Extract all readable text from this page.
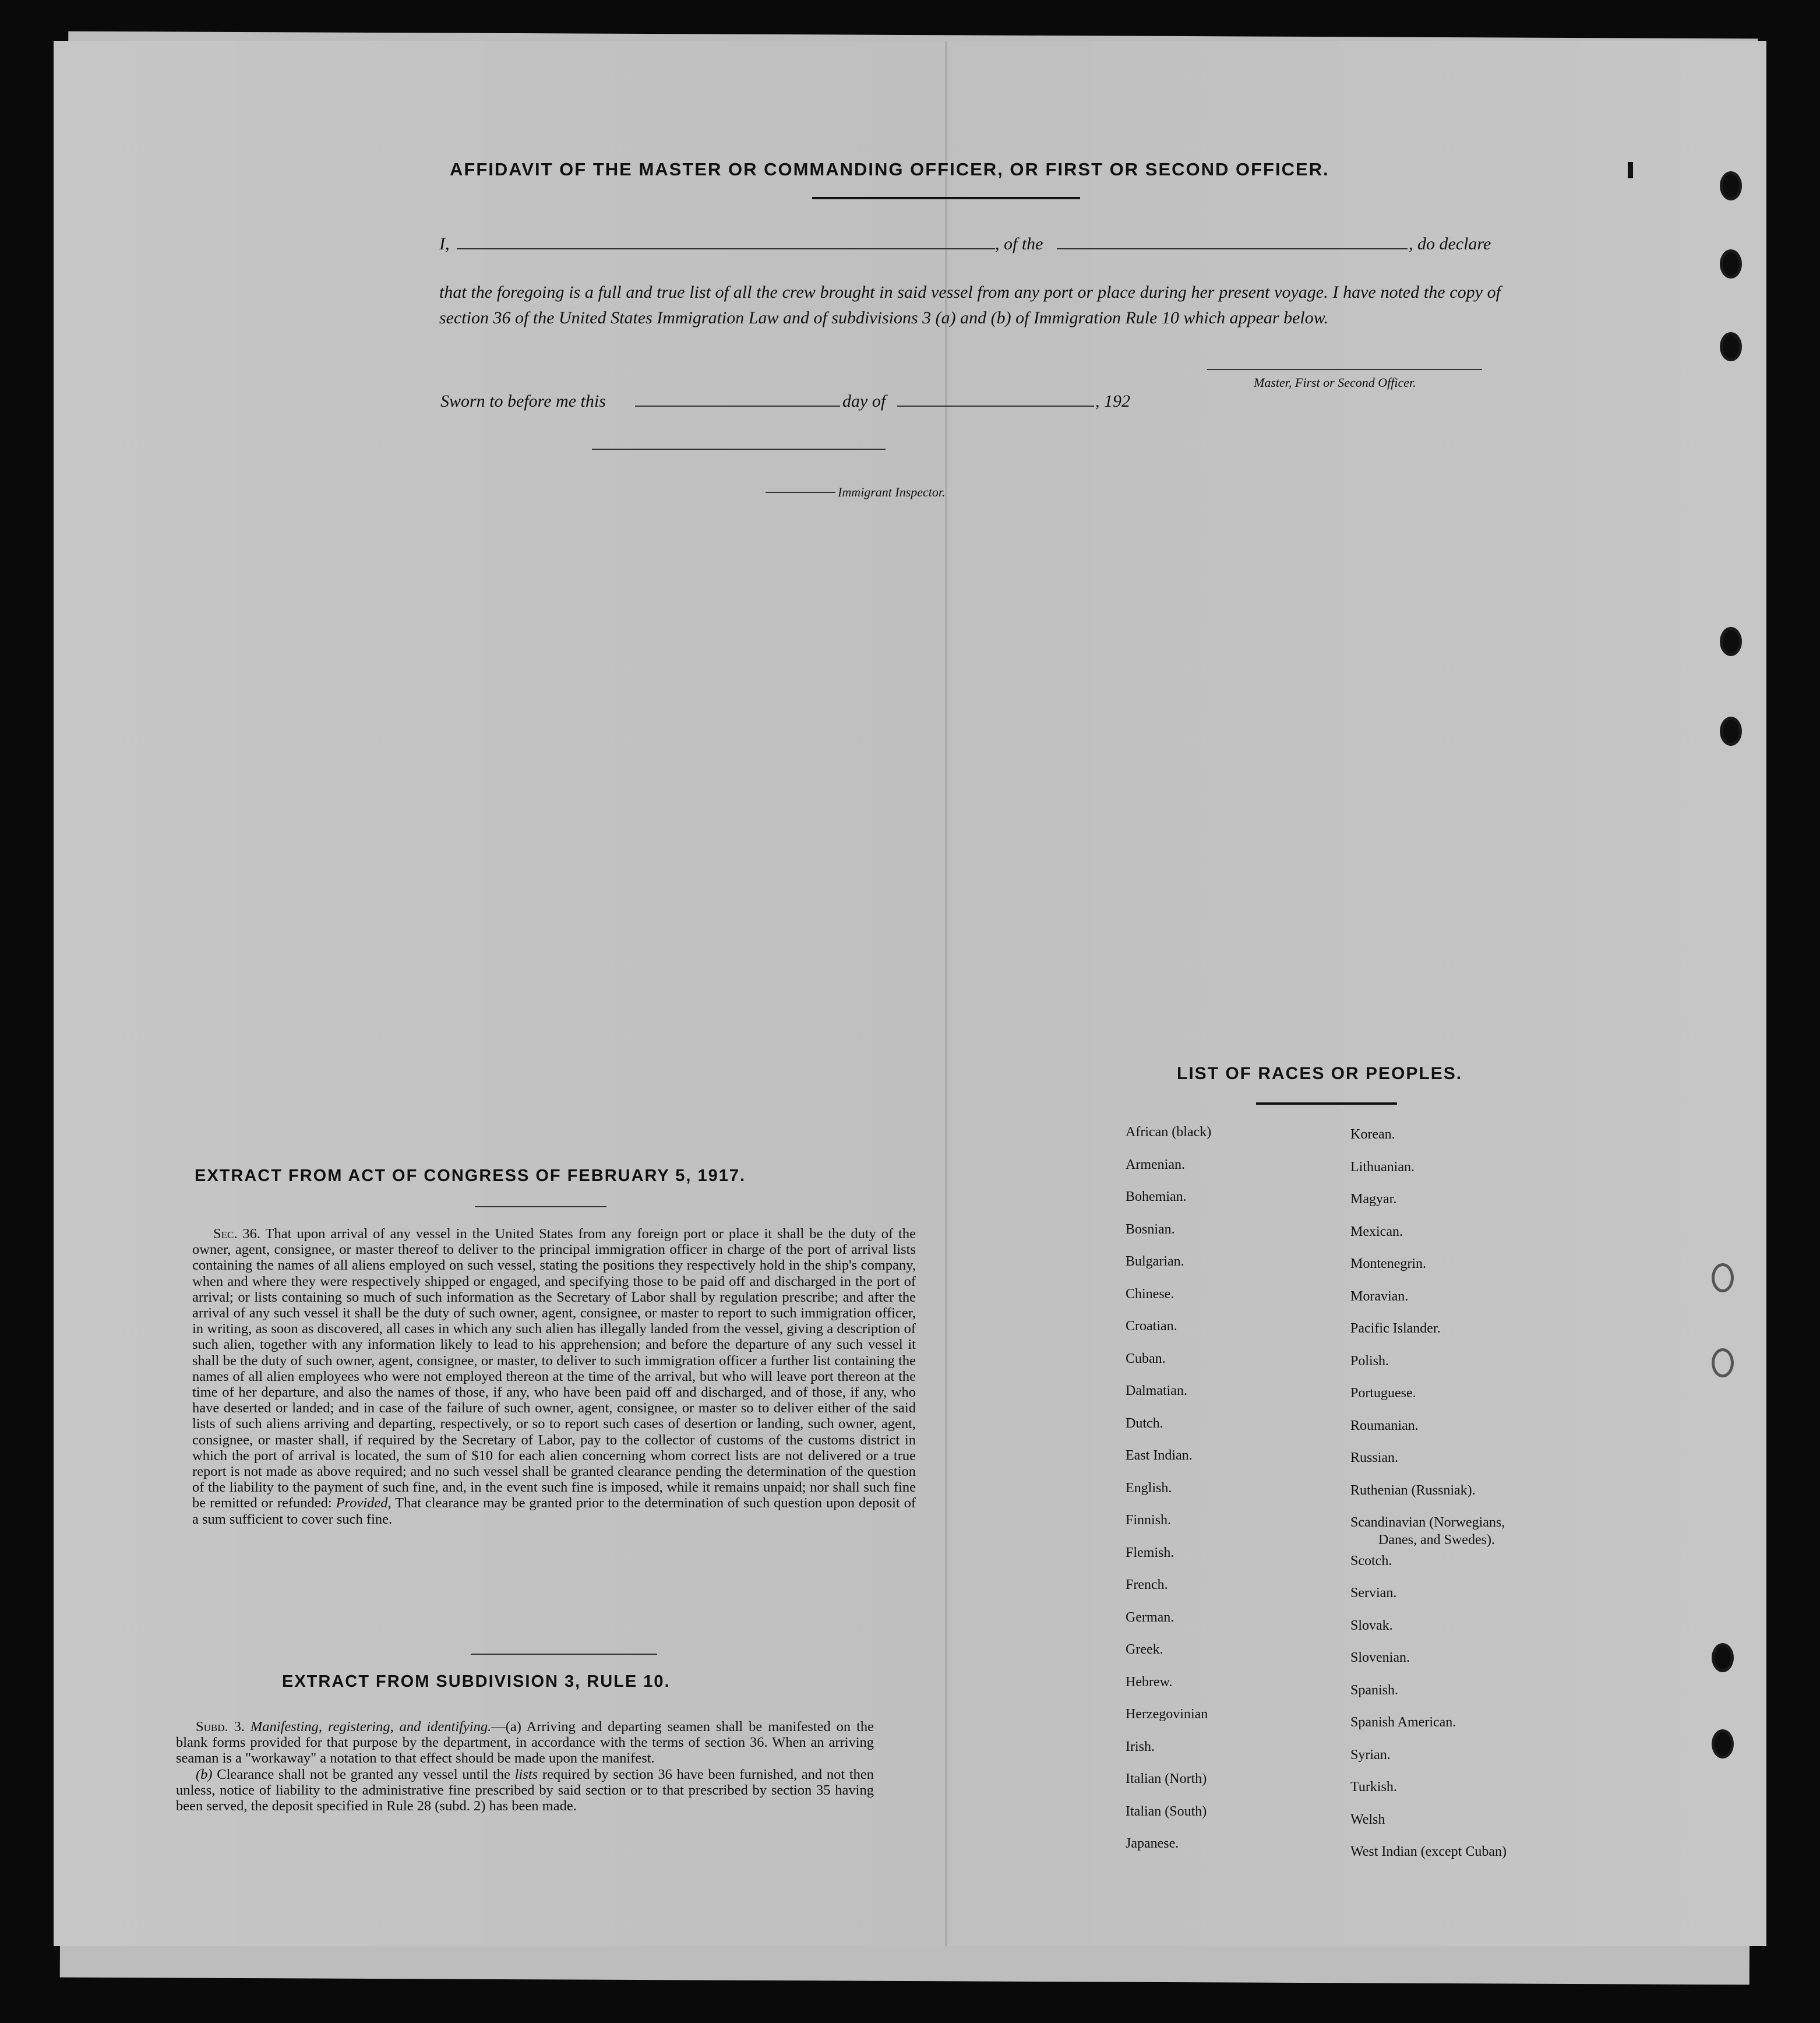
AFFIDAVIT OF THE MASTER OR COMMANDING OFFICER, OR FIRST OR SECOND OFFICER.
I,	, of the	, do declare
that the foregoing is a full and true list of all the crew brought in said vessel from any port or place during her present voyage. I have noted the copy of section 36 of the United States Immigration Law and of subdivisions 3 (a) and (b) of Immigration Rule 10 which appear below.
Master, First or Second Officer.
Sworn to before me this	day of	, 192
Immigrant Inspector.
EXTRACT FROM ACT OF CONGRESS OF FEBRUARY 5, 1917.
Sec. 36. That upon arrival of any vessel in the United States from any foreign port or place it shall be the duty of the owner, agent, consignee, or master thereof to deliver to the principal immigration officer in charge of the port of arrival lists containing the names of all aliens employed on such vessel, stating the positions they respectively hold in the ship's company, when and where they were respectively shipped or engaged, and specifying those to be paid off and discharged in the port of arrival; or lists containing so much of such information as the Secretary of Labor shall by regulation prescribe; and after the arrival of any such vessel it shall be the duty of such owner, agent, consignee, or master to report to such immigration officer, in writing, as soon as discovered, all cases in which any such alien has illegally landed from the vessel, giving a description of such alien, together with any information likely to lead to his apprehension; and before the departure of any such vessel it shall be the duty of such owner, agent, consignee, or master, to deliver to such immigration officer a further list containing the names of all alien employees who were not employed thereon at the time of the arrival, but who will leave port thereon at the time of her departure, and also the names of those, if any, who have been paid off and discharged, and of those, if any, who have deserted or landed; and in case of the failure of such owner, agent, consignee, or master so to deliver either of the said lists of such aliens arriving and departing, respectively, or so to report such cases of desertion or landing, such owner, agent, consignee, or master shall, if required by the Secretary of Labor, pay to the collector of customs of the customs district in which the port of arrival is located, the sum of $10 for each alien concerning whom correct lists are not delivered or a true report is not made as above required; and no such vessel shall be granted clearance pending the determination of the question of the liability to the payment of such fine, and, in the event such fine is imposed, while it remains unpaid; nor shall such fine be remitted or refunded: Provided, That clearance may be granted prior to the determination of such question upon deposit of a sum sufficient to cover such fine.
EXTRACT FROM SUBDIVISION 3, RULE 10.
Subd. 3. Manifesting, registering, and identifying.—(a) Arriving and departing seamen shall be manifested on the blank forms provided for that purpose by the department, in accordance with the terms of section 36. When an arriving seaman is a "workaway" a notation to that effect should be made upon the manifest.
(b) Clearance shall not be granted any vessel until the lists required by section 36 have been furnished, and not then unless, notice of liability to the administrative fine prescribed by said section or to that prescribed by section 35 having been served, the deposit specified in Rule 28 (subd. 2) has been made.
LIST OF RACES OR PEOPLES.
African (black)
Armenian.
Bohemian.
Bosnian.
Bulgarian.
Chinese.
Croatian.
Cuban.
Dalmatian.
Dutch.
East Indian.
English.
Finnish.
Flemish.
French.
German.
Greek.
Hebrew.
Herzegovinian
Irish.
Italian (North)
Italian (South)
Japanese.
Korean.
Lithuanian.
Magyar.
Mexican.
Montenegrin.
Moravian.
Pacific Islander.
Polish.
Portuguese.
Roumanian.
Russian.
Ruthenian (Russniak).
Scandinavian (Norwegians,
Danes, and Swedes).
Scotch.
Servian.
Slovak.
Slovenian.
Spanish.
Spanish American.
Syrian.
Turkish.
Welsh
West Indian (except Cuban)
